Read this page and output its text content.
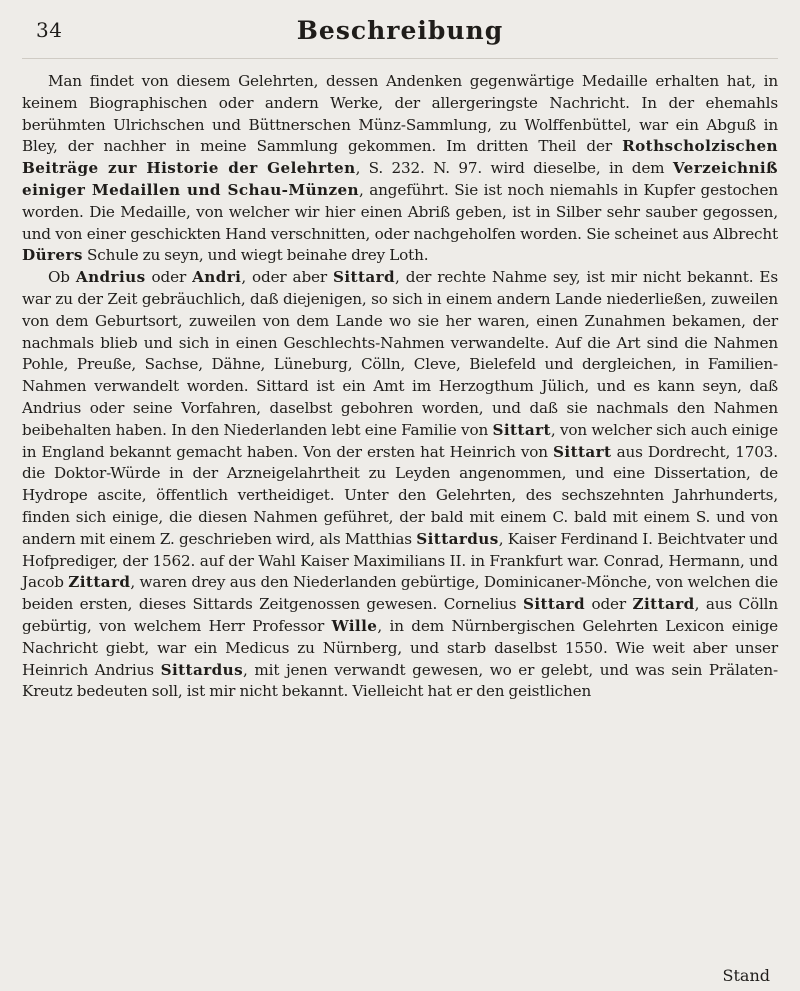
34	Beschreibung

Man findet von diesem Gelehrten, dessen Andenken gegenwärtige Medaille erhalten hat, in keinem Biographischen oder andern Werke, der allergeringste Nachricht. In der ehemahls berühmten Ulrichschen und Büttnerschen Münz-Sammlung, zu Wolffenbüttel, war ein Abguß in Bley, der nachher in meine Sammlung gekommen. Im dritten Theil der Rothscholzischen Beiträge zur Historie der Gelehrten, S. 232. N. 97. wird dieselbe, in dem Verzeichniß einiger Medaillen und Schau-Münzen, angeführt. Sie ist noch niemahls in Kupfer gestochen worden. Die Medaille, von welcher wir hier einen Abriß geben, ist in Silber sehr sauber gegossen, und von einer geschickten Hand verschnitten, oder nachgeholfen worden. Sie scheinet aus Albrecht Dürers Schule zu seyn, und wiegt beinahe drey Loth.

Ob Andrius oder Andri, oder aber Sittard, der rechte Nahme sey, ist mir nicht bekannt. Es war zu der Zeit gebräuchlich, daß diejenigen, so sich in einem andern Lande niederließen, zuweilen von dem Geburtsort, zuweilen von dem Lande wo sie her waren, einen Zunahmen bekamen, der nachmals blieb und sich in einen Geschlechts-Nahmen verwandelte. Auf die Art sind die Nahmen Pohle, Preuße, Sachse, Dähne, Lüneburg, Cölln, Cleve, Bielefeld und dergleichen, in Familien-Nahmen verwandelt worden. Sittard ist ein Amt im Herzogthum Jülich, und es kann seyn, daß Andrius oder seine Vorfahren, daselbst gebohren worden, und daß sie nachmals den Nahmen beibehalten haben. In den Niederlanden lebt eine Familie von Sittart, von welcher sich auch einige in England bekannt gemacht haben. Von der ersten hat Heinrich von Sittart aus Dordrecht, 1703. die Doktor-Würde in der Arzneigelahrtheit zu Leyden angenommen, und eine Dissertation, de Hydrope ascite, öffentlich vertheidiget. Unter den Gelehrten, des sechszehnten Jahrhunderts, finden sich einige, die diesen Nahmen geführet, der bald mit einem C. bald mit einem S. und von andern mit einem Z. geschrieben wird, als Matthias Sittardus, Kaiser Ferdinand I. Beichtvater und Hofprediger, der 1562. auf der Wahl Kaiser Maximilians II. in Frankfurt war. Conrad, Hermann, und Jacob Zittard, waren drey aus den Niederlanden gebürtige, Dominicaner-Mönche, von welchen die beiden ersten, dieses Sittards Zeitgenossen gewesen. Cornelius Sittard oder Zittard, aus Cölln gebürtig, von welchem Herr Professor Wille, in dem Nürnbergischen Gelehrten Lexicon einige Nachricht giebt, war ein Medicus zu Nürnberg, und starb daselbst 1550. Wie weit aber unser Heinrich Andrius Sittardus, mit jenen verwandt gewesen, wo er gelebt, und was sein Prälaten-Kreutz bedeuten soll, ist mir nicht bekannt. Vielleicht hat er den geistlichen

Stand
